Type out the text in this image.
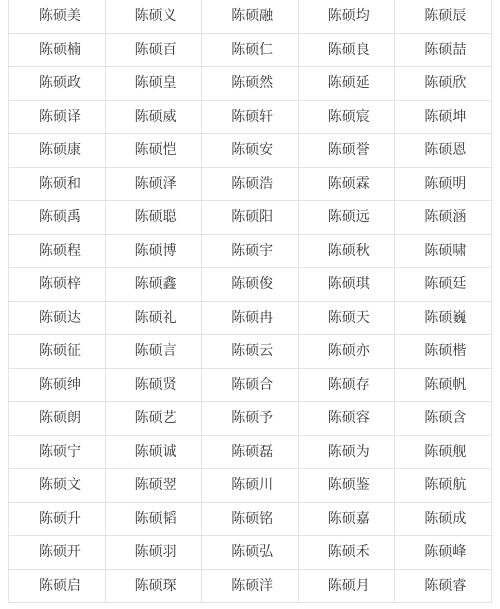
陈硕美	陈硕义	陈硕融	陈硕均	陈硕辰
陈硕楠	陈硕百	陈硕仁	陈硕良	陈硕喆
陈硕政	陈硕皇	陈硕然	陈硕延	陈硕欣
陈硕译	陈硕威	陈硕轩	陈硕宸	陈硕坤
陈硕康	陈硕恺	陈硕安	陈硕誉	陈硕恩
陈硕和	陈硕泽	陈硕浩	陈硕霖	陈硕明
陈硕禹	陈硕聪	陈硕阳	陈硕远	陈硕涵
陈硕程	陈硕博	陈硕宇	陈硕秋	陈硕啸
陈硕梓	陈硕鑫	陈硕俊	陈硕琪	陈硕廷
陈硕达	陈硕礼	陈硕冉	陈硕天	陈硕巍
陈硕征	陈硕言	陈硕云	陈硕亦	陈硕楷
陈硕绅	陈硕贤	陈硕合	陈硕存	陈硕帆
陈硕朗	陈硕艺	陈硕予	陈硕容	陈硕含
陈硕宁	陈硕诚	陈硕磊	陈硕为	陈硕舰
陈硕文	陈硕翌	陈硕川	陈硕鉴	陈硕航
陈硕升	陈硕韬	陈硕铭	陈硕嘉	陈硕成
陈硕开	陈硕羽	陈硕弘	陈硕禾	陈硕峰
陈硕启	陈硕琛	陈硕洋	陈硕月	陈硕睿
